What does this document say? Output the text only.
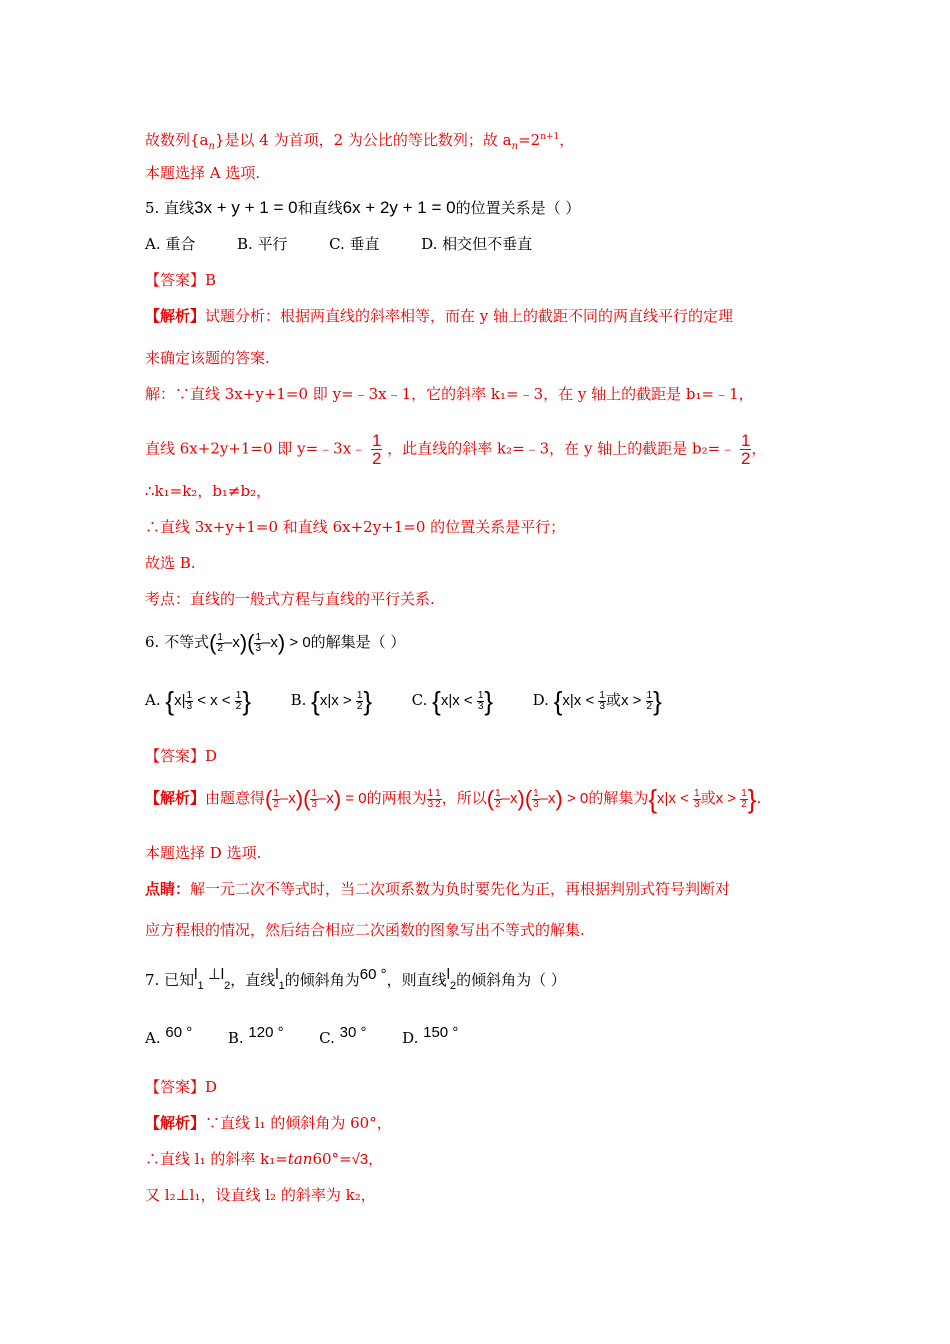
故数列$\{a_n\}$是以 4 为首项，2 为公比的等比数列；故 $a_n=2^{n+1}$，
本题选择 A 选项.
5. 直线3x + y + 1 = 0和直线6x + 2y + 1 = 0的位置关系是（ ）
A. 重合	B. 平行	C. 垂直	D. 相交但不垂直
【答案】B
【解析】试题分析：根据两直线的斜率相等，而在 y 轴上的截距不同的两直线平行的定理
来确定该题的答案.
解：∵直线 3x+y+1=0 即 y=﹣3x﹣1，它的斜率 k₁=﹣3，在 y 轴上的截距是 b₁=﹣1，
直线 6x+2y+1=0 即 y=﹣3x﹣ $\frac{1}{2}$ ，此直线的斜率 k₂=﹣3，在 y 轴上的截距是 b₂=﹣ $\frac{1}{2}$ ，
∴k₁=k₂，b₁≠b₂，
∴直线 3x+y+1=0 和直线 6x+2y+1=0 的位置关系是平行；
故选 B.
考点：直线的一般式方程与直线的平行关系.
6. 不等式( $\frac{1}{2} -x)( \frac{1}{3} -x) > 0$的解集是（ ）
A. {$x| \frac{1}{3} < x < \frac{1}{2}$ }	B. {$x|x > \frac{1}{2}$ }	C. {$x|x < \frac{1}{3}$ }	D. {$x|x < \frac{1}{3}$ 或$x > \frac{1}{2}$ }
【答案】D
【解析】由题意得( $\frac{1}{2} -x)( \frac{1}{3} -x) = 0$的两根为 $\frac{1}{3} \frac{1}{2}$ ，所以( $\frac{1}{2} -x)( \frac{1}{3} -x) > 0$的解集为{$x|x < \frac{1}{3}$ 或$x > \frac{1}{2}$ }.
本题选择 D 选项.
点睛：解一元二次不等式时，当二次项系数为负时要先化为正，再根据判别式符号判断对
应方程根的情况，然后结合相应二次函数的图象写出不等式的解集.
7. 已知$l_1$ $\perp l_2$，直线$l_1$的倾斜角为60 °，则直线$l_2$的倾斜角为（ ）
A. 60 ° B. 120 ° C. 30 ° D. 150 °
【答案】D
【解析】∵直线 l₁ 的倾斜角为 60°，
∴直线 l₁ 的斜率 k₁=tan60°=√3，
又 l₂⊥l₁，设直线 l₂ 的斜率为 k₂，
